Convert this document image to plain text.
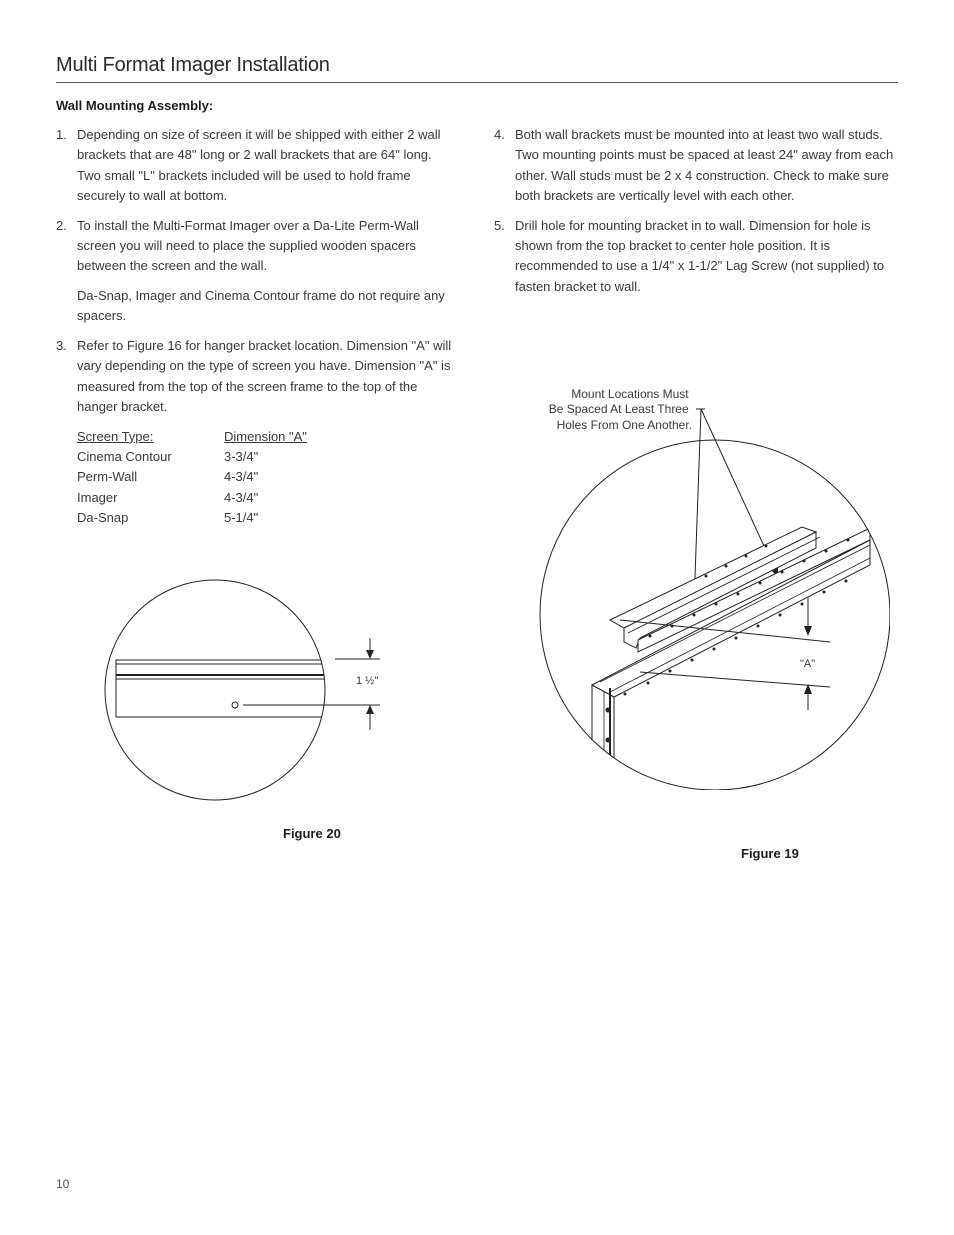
Multi Format Imager Installation
Wall Mounting Assembly:
1. Depending on size of screen it will be shipped with either 2 wall brackets that are 48" long or 2 wall brackets that are 64" long. Two small "L" brackets included will be used to hold frame securely to wall at bottom.
2. To install the Multi-Format Imager over a Da-Lite Perm-Wall screen you will need to place the supplied wooden spacers between the screen and the wall.
Da-Snap, Imager and Cinema Contour frame do not require any spacers.
3. Refer to Figure 16 for hanger bracket location. Dimension "A" will vary depending on the type of screen you have. Dimension "A" is measured from the top of the screen frame to the top of the hanger bracket.
Screen Type:	Dimension "A"
Cinema Contour	3-3/4"
Perm-Wall	4-3/4"
Imager	4-3/4"
Da-Snap	5-1/4"
4. Both wall brackets must be mounted into at least two wall studs. Two mounting points must be spaced at least 24" away from each other. Wall studs must be 2 x 4 construction. Check to make sure both brackets are vertically level with each other.
5. Drill hole for mounting bracket in to wall. Dimension for hole is shown from the top bracket to center hole position. It is recommended to use a 1/4" x 1-1/2" Lag Screw (not supplied) to fasten bracket to wall.
1 ½"
Figure 20
Mount Locations Must Be Spaced At Least Three Holes From One Another.
"A"
Figure 19
10
